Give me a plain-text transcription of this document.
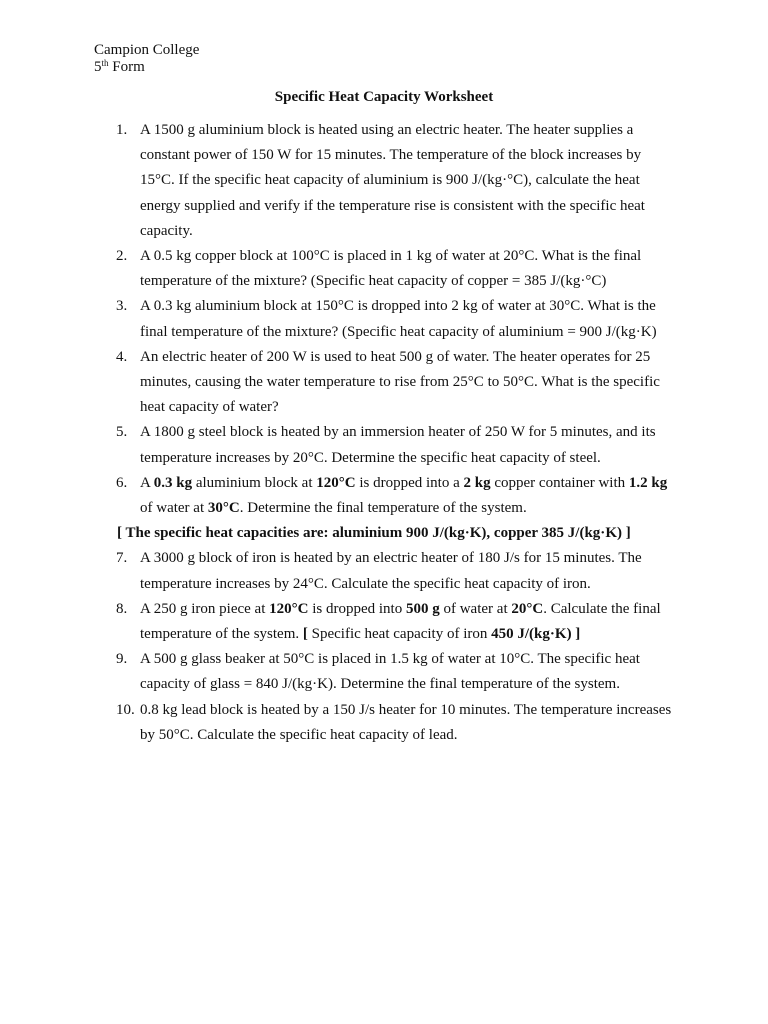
Campion College
5th Form
Specific Heat Capacity Worksheet
1. A 1500 g aluminium block is heated using an electric heater. The heater supplies a constant power of 150 W for 15 minutes. The temperature of the block increases by 15°C. If the specific heat capacity of aluminium is 900 J/(kg·°C), calculate the heat energy supplied and verify if the temperature rise is consistent with the specific heat capacity.
2. A 0.5 kg copper block at 100°C is placed in 1 kg of water at 20°C. What is the final temperature of the mixture? (Specific heat capacity of copper = 385 J/(kg·°C)
3. A 0.3 kg aluminium block at 150°C is dropped into 2 kg of water at 30°C. What is the final temperature of the mixture? (Specific heat capacity of aluminium = 900 J/(kg·K)
4. An electric heater of 200 W is used to heat 500 g of water. The heater operates for 25 minutes, causing the water temperature to rise from 25°C to 50°C. What is the specific heat capacity of water?
5. A 1800 g steel block is heated by an immersion heater of 250 W for 5 minutes, and its temperature increases by 20°C. Determine the specific heat capacity of steel.
6. A 0.3 kg aluminium block at 120°C is dropped into a 2 kg copper container with 1.2 kg of water at 30°C. Determine the final temperature of the system.
[ The specific heat capacities are: aluminium 900 J/(kg·K), copper 385 J/(kg·K) ]
7. A 3000 g block of iron is heated by an electric heater of 180 J/s for 15 minutes. The temperature increases by 24°C. Calculate the specific heat capacity of iron.
8. A 250 g iron piece at 120°C is dropped into 500 g of water at 20°C. Calculate the final temperature of the system. [ Specific heat capacity of iron 450 J/(kg·K) ]
9. A 500 g glass beaker at 50°C is placed in 1.5 kg of water at 10°C. The specific heat capacity of glass = 840 J/(kg·K). Determine the final temperature of the system.
10. 0.8 kg lead block is heated by a 150 J/s heater for 10 minutes. The temperature increases by 50°C. Calculate the specific heat capacity of lead.
